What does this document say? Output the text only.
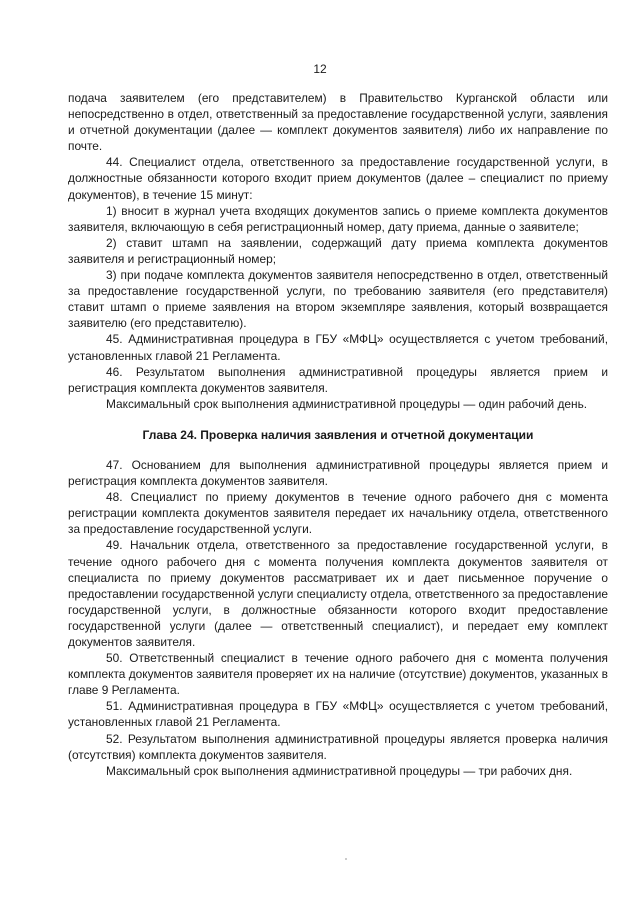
12

подача заявителем (его представителем) в Правительство Курганской области или непосредственно в отдел, ответственный за предоставление государственной услуги, заявления и отчетной документации (далее — комплект документов заявителя) либо их направление по почте.

44. Специалист отдела, ответственного за предоставление государственной услуги, в должностные обязанности которого входит прием документов (далее – специалист по приему документов), в течение 15 минут:

1) вносит в журнал учета входящих документов запись о приеме комплекта документов заявителя, включающую в себя регистрационный номер, дату приема, данные о заявителе;

2) ставит штамп на заявлении, содержащий дату приема комплекта документов заявителя и регистрационный номер;

3) при подаче комплекта документов заявителя непосредственно в отдел, ответственный за предоставление государственной услуги, по требованию заявителя (его представителя) ставит штамп о приеме заявления на втором экземпляре заявления, который возвращается заявителю (его представителю).

45. Административная процедура в ГБУ «МФЦ» осуществляется с учетом требований, установленных главой 21 Регламента.

46. Результатом выполнения административной процедуры является прием и регистрация комплекта документов заявителя.

Максимальный срок выполнения административной процедуры — один рабочий день.

Глава 24. Проверка наличия заявления и отчетной документации

47. Основанием для выполнения административной процедуры является прием и регистрация комплекта документов заявителя.

48. Специалист по приему документов в течение одного рабочего дня с момента регистрации комплекта документов заявителя передает их начальнику отдела, ответственного за предоставление государственной услуги.

49. Начальник отдела, ответственного за предоставление государственной услуги, в течение одного рабочего дня с момента получения комплекта документов заявителя от специалиста по приему документов рассматривает их и дает письменное поручение о предоставлении государственной услуги специалисту отдела, ответственного за предоставление государственной услуги, в должностные обязанности которого входит предоставление государственной услуги (далее — ответственный специалист), и передает ему комплект документов заявителя.

50. Ответственный специалист в течение одного рабочего дня с момента получения комплекта документов заявителя проверяет их на наличие (отсутствие) документов, указанных в главе 9 Регламента.

51. Административная процедура в ГБУ «МФЦ» осуществляется с учетом требований, установленных главой 21 Регламента.

52. Результатом выполнения административной процедуры является проверка наличия (отсутствия) комплекта документов заявителя.

Максимальный срок выполнения административной процедуры — три рабочих дня.
